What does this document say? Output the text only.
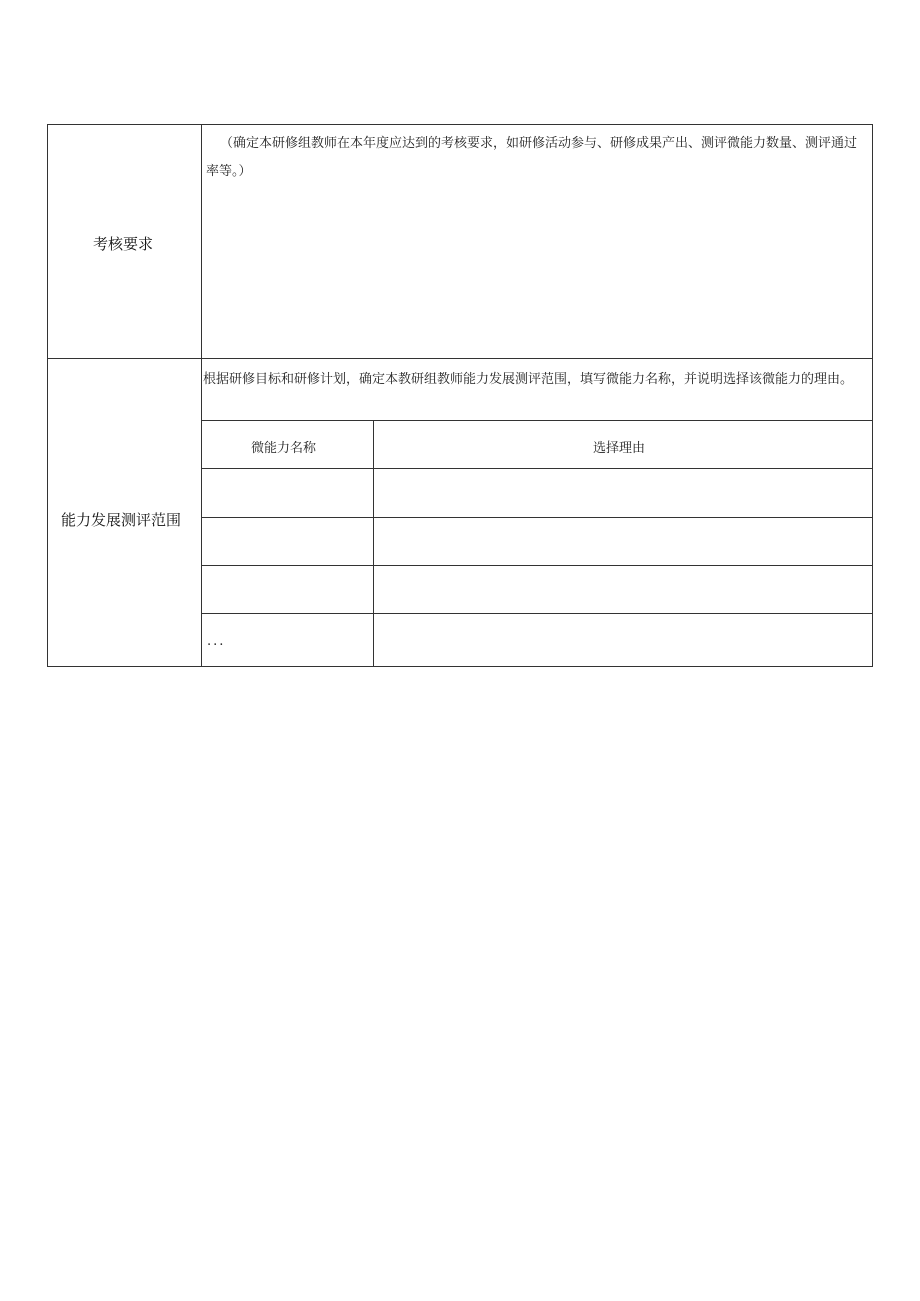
考核要求
（确定本研修组教师在本年度应达到的考核要求，如研修活动参与、研修成果产出、测评微能力数量、测评通过率等。）
能力发展测评范围
根据研修目标和研修计划，确定本教研组教师能力发展测评范围，填写微能力名称，并说明选择该微能力的理由。
微能力名称	选择理由
...
